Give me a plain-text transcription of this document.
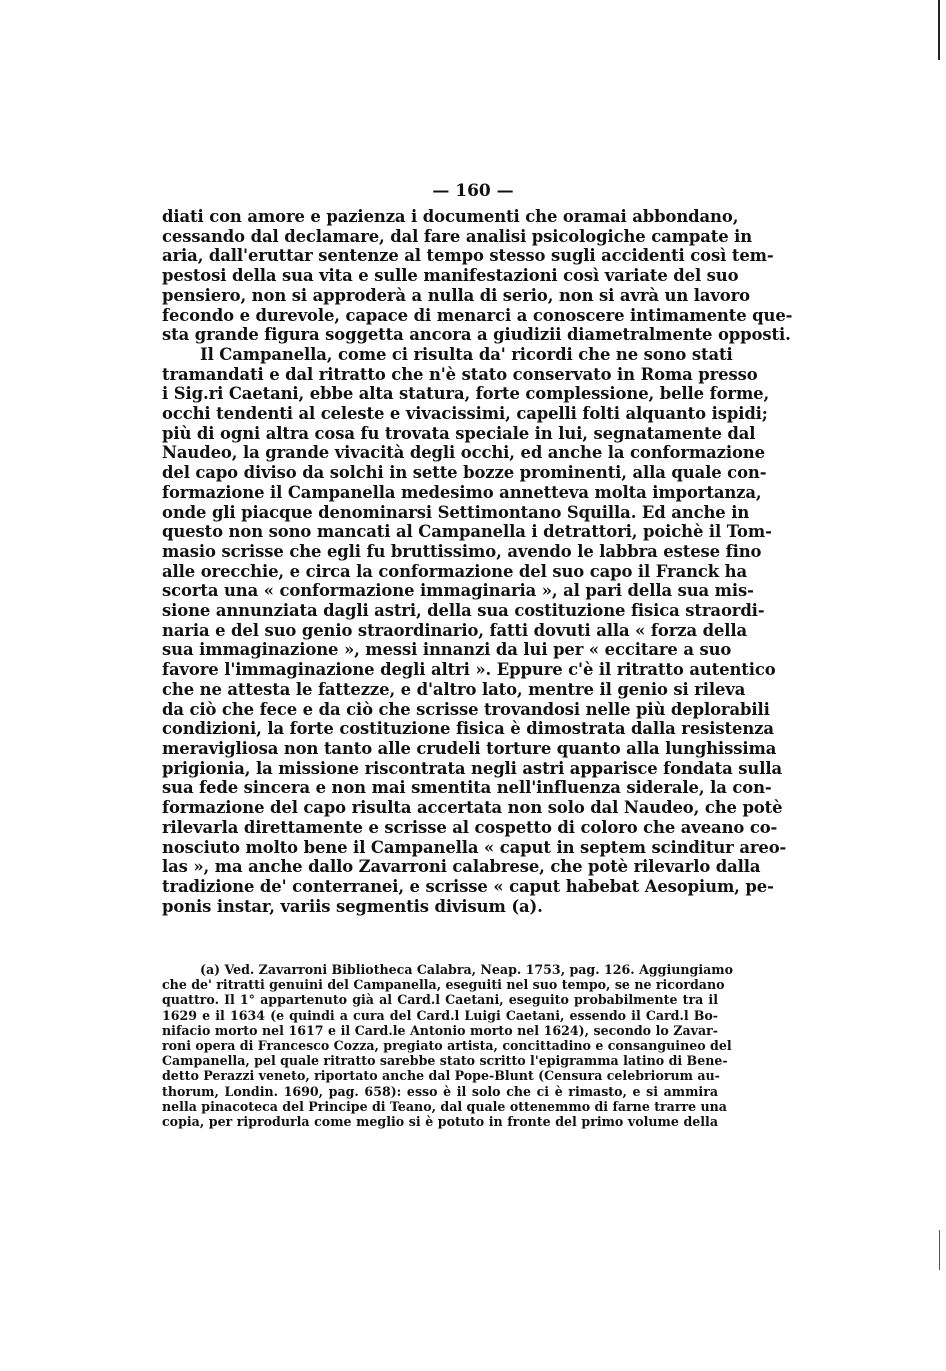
— 160 —
diati con amore e pazienza i documenti che oramai abbondano,
cessando dal declamare, dal fare analisi psicologiche campate in
aria, dall'eruttar sentenze al tempo stesso sugli accidenti così tem-
pestosi della sua vita e sulle manifestazioni così variate del suo
pensiero, non si approderà a nulla di serio, non si avrà un lavoro
fecondo e durevole, capace di menarci a conoscere intimamente que-
sta grande figura soggetta ancora a giudizii diametralmente opposti.
Il Campanella, come ci risulta da' ricordi che ne sono stati
tramandati e dal ritratto che n'è stato conservato in Roma presso
i Sig.ri Caetani, ebbe alta statura, forte complessione, belle forme,
occhi tendenti al celeste e vivacissimi, capelli folti alquanto ispidi;
più di ogni altra cosa fu trovata speciale in lui, segnatamente dal
Naudeo, la grande vivacità degli occhi, ed anche la conformazione
del capo diviso da solchi in sette bozze prominenti, alla quale con-
formazione il Campanella medesimo annetteva molta importanza,
onde gli piacque denominarsi Settimontano Squilla. Ed anche in
questo non sono mancati al Campanella i detrattori, poichè il Tom-
masio scrisse che egli fu bruttissimo, avendo le labbra estese fino
alle orecchie, e circa la conformazione del suo capo il Franck ha
scorta una « conformazione immaginaria », al pari della sua mis-
sione annunziata dagli astri, della sua costituzione fisica straordi-
naria e del suo genio straordinario, fatti dovuti alla « forza della
sua immaginazione », messi innanzi da lui per « eccitare a suo
favore l'immaginazione degli altri ». Eppure c'è il ritratto autentico
che ne attesta le fattezze, e d'altro lato, mentre il genio si rileva
da ciò che fece e da ciò che scrisse trovandosi nelle più deplorabili
condizioni, la forte costituzione fisica è dimostrata dalla resistenza
meravigliosa non tanto alle crudeli torture quanto alla lunghissima
prigionia, la missione riscontrata negli astri apparisce fondata sulla
sua fede sincera e non mai smentita nell'influenza siderale, la con-
formazione del capo risulta accertata non solo dal Naudeo, che potè
rilevarla direttamente e scrisse al cospetto di coloro che aveano co-
nosciuto molto bene il Campanella « caput in septem scinditur areo-
las », ma anche dallo Zavarroni calabrese, che potè rilevarlo dalla
tradizione de' conterranei, e scrisse « caput habebat Aesopium, pe-
ponis instar, variis segmentis divisum (a).
(a) Ved. Zavarroni Bibliotheca Calabra, Neap. 1753, pag. 126. Aggiungiamo
che de' ritratti genuini del Campanella, eseguiti nel suo tempo, se ne ricordano
quattro. Il 1° appartenuto già al Card.l Caetani, eseguito probabilmente tra il
1629 e il 1634 (e quindi a cura del Card.l Luigi Caetani, essendo il Card.l Bo-
nifacio morto nel 1617 e il Card.le Antonio morto nel 1624), secondo lo Zavar-
roni opera di Francesco Cozza, pregiato artista, concittadino e consanguineo del
Campanella, pel quale ritratto sarebbe stato scritto l'epigramma latino di Bene-
detto Perazzi veneto, riportato anche dal Pope-Blunt (Censura celebriorum au-
thorum, Londin. 1690, pag. 658): esso è il solo che ci è rimasto, e si ammira
nella pinacoteca del Principe di Teano, dal quale ottenemmo di farne trarre una
copia, per riprodurla come meglio si è potuto in fronte del primo volume della
